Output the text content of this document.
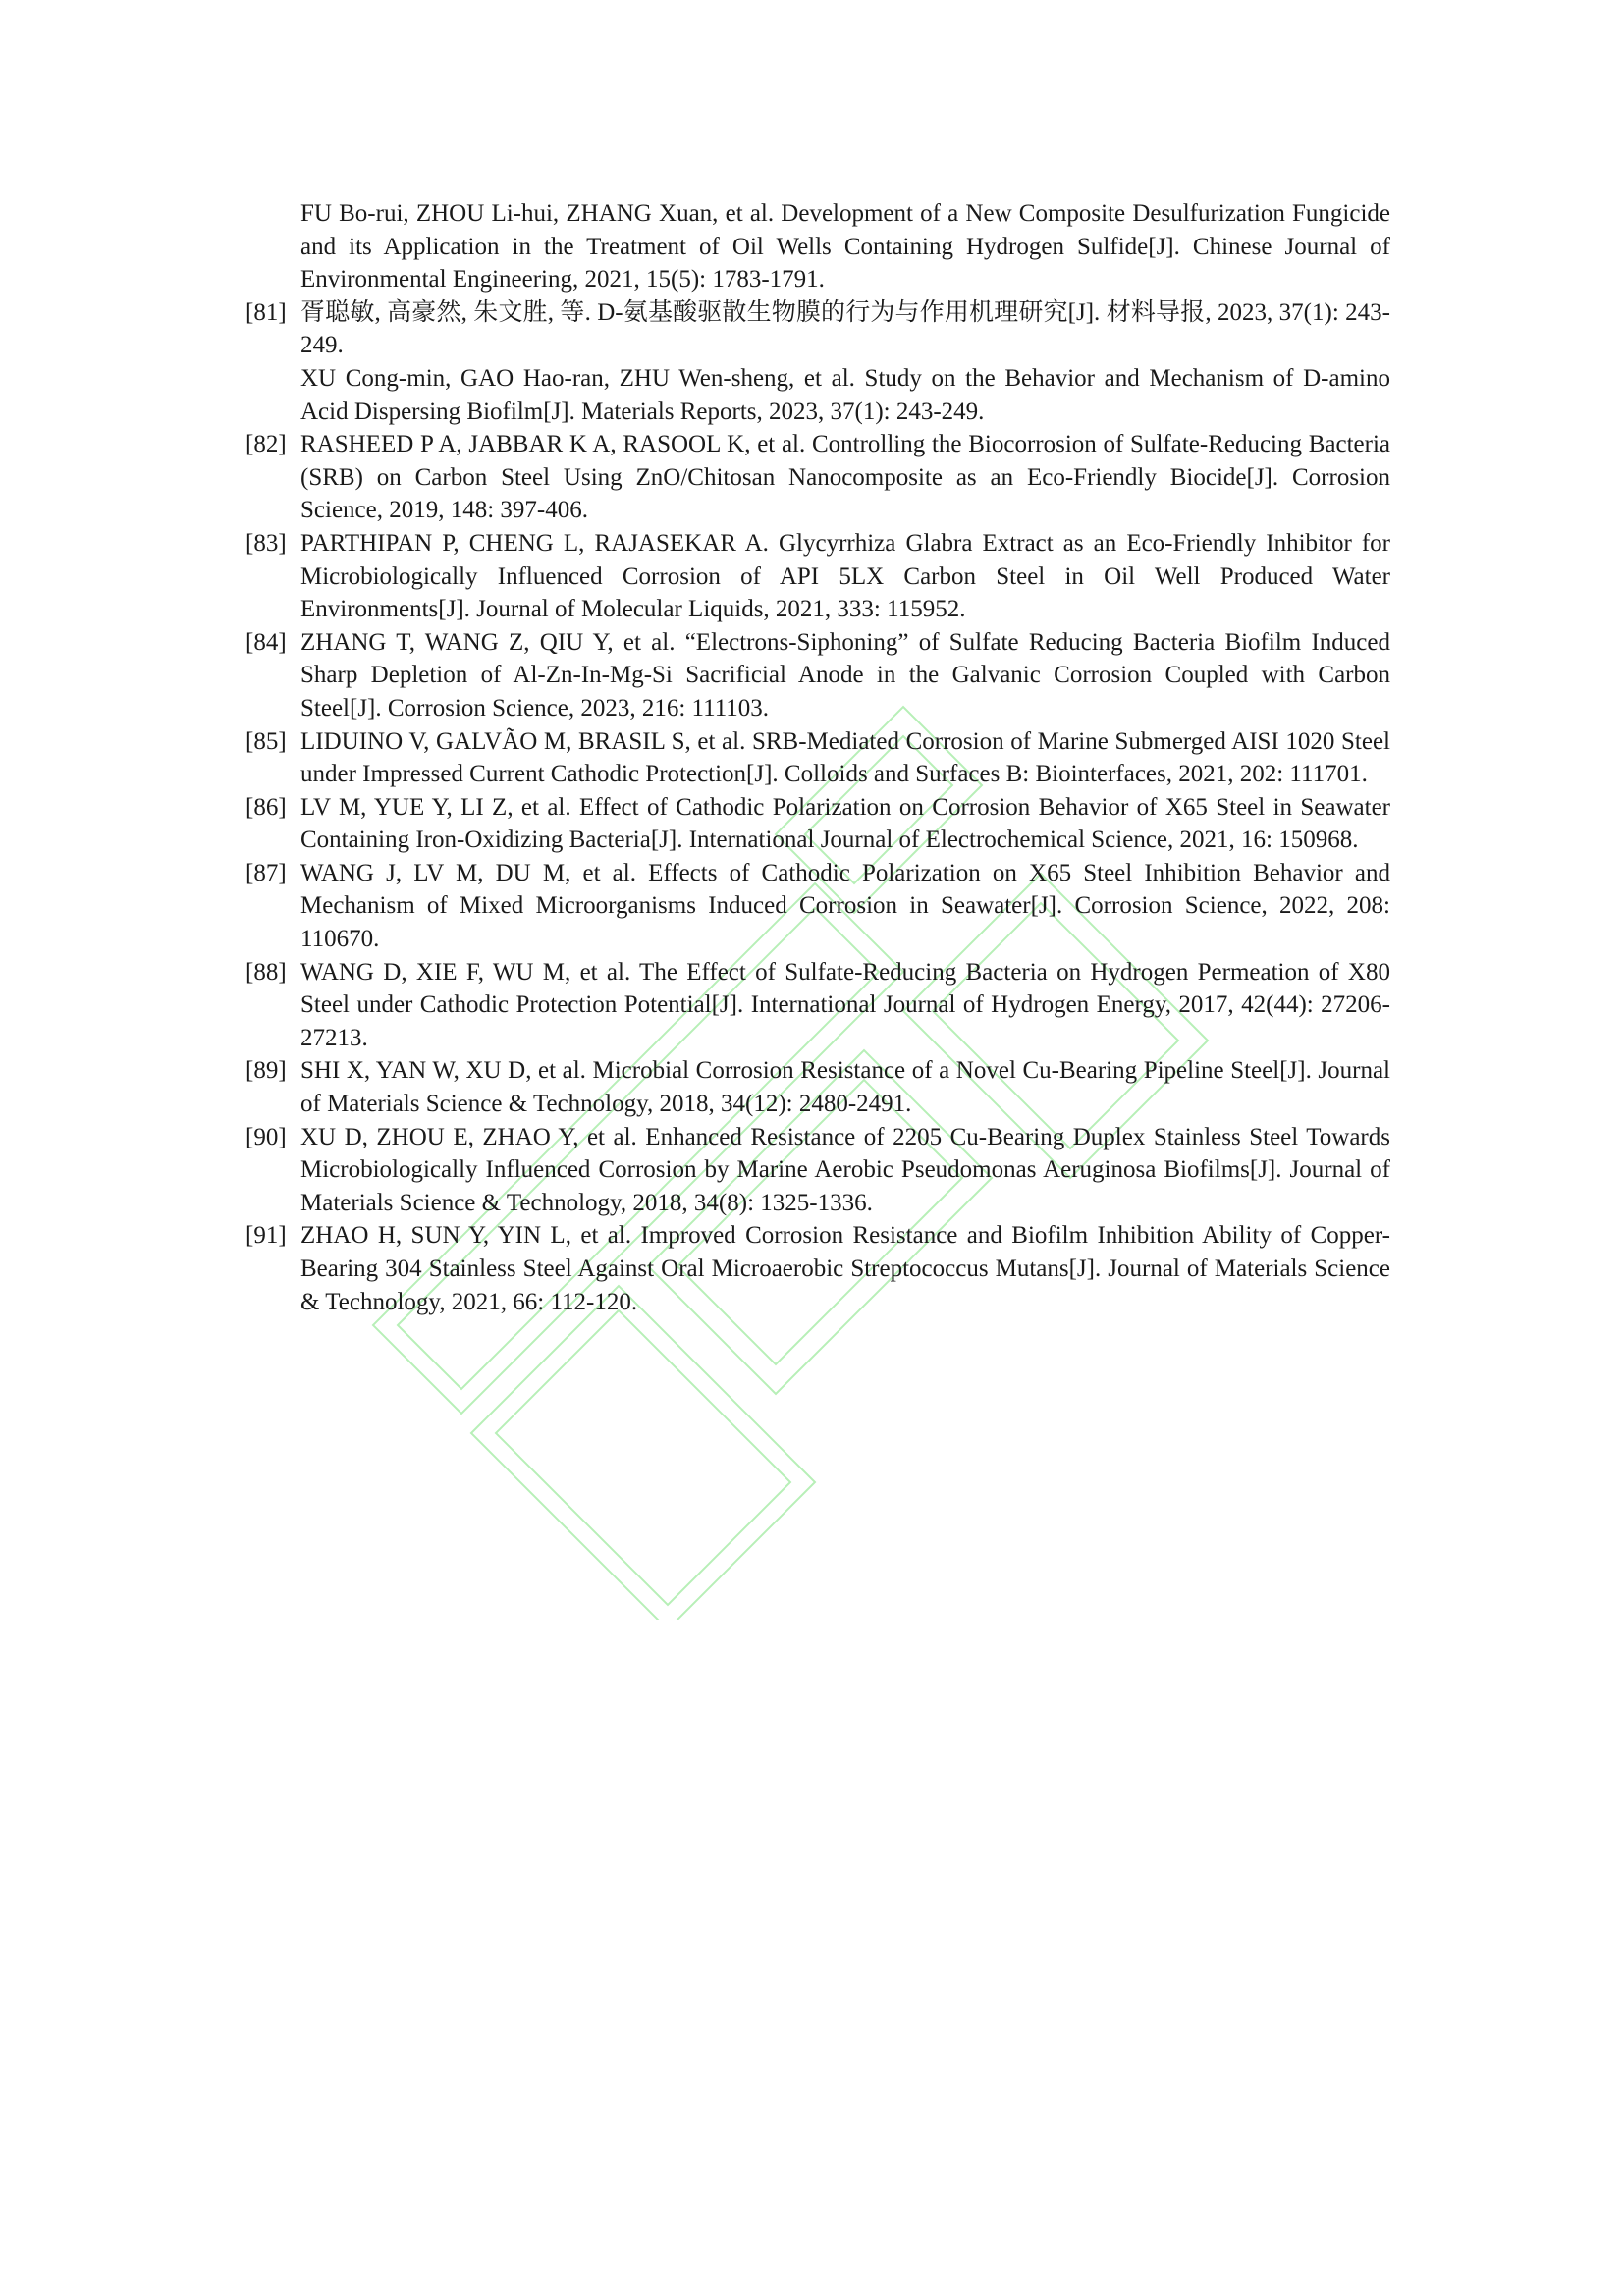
FU Bo-rui, ZHOU Li-hui, ZHANG Xuan, et al. Development of a New Composite Desulfurization Fungicide and its Application in the Treatment of Oil Wells Containing Hydrogen Sulfide[J]. Chinese Journal of Environmental Engineering, 2021, 15(5): 1783-1791.
[81] 胥聪敏, 高豪然, 朱文胜, 等. D-氨基酸驱散生物膜的行为与作用机理研究[J]. 材料导报, 2023, 37(1): 243-249.

XU Cong-min, GAO Hao-ran, ZHU Wen-sheng, et al. Study on the Behavior and Mechanism of D-amino Acid Dispersing Biofilm[J]. Materials Reports, 2023, 37(1): 243-249.

[82] RASHEED P A, JABBAR K A, RASOOL K, et al. Controlling the Biocorrosion of Sulfate-Reducing Bacteria (SRB) on Carbon Steel Using ZnO/Chitosan Nanocomposite as an Eco-Friendly Biocide[J]. Corrosion Science, 2019, 148: 397-406.
[83] PARTHIPAN P, CHENG L, RAJASEKAR A. Glycyrrhiza Glabra Extract as an Eco-Friendly Inhibitor for Microbiologically Influenced Corrosion of API 5LX Carbon Steel in Oil Well Produced Water Environments[J]. Journal of Molecular Liquids, 2021, 333: 115952.
[84] ZHANG T, WANG Z, QIU Y, et al. “Electrons-Siphoning” of Sulfate Reducing Bacteria Biofilm Induced Sharp Depletion of Al-Zn-In-Mg-Si Sacrificial Anode in the Galvanic Corrosion Coupled with Carbon Steel[J]. Corrosion Science, 2023, 216: 111103.
[85] LIDUINO V, GALVÃO M, BRASIL S, et al. SRB-Mediated Corrosion of Marine Submerged AISI 1020 Steel under Impressed Current Cathodic Protection[J]. Colloids and Surfaces B: Biointerfaces, 2021, 202: 111701.
[86] LV M, YUE Y, LI Z, et al. Effect of Cathodic Polarization on Corrosion Behavior of X65 Steel in Seawater Containing Iron-Oxidizing Bacteria[J]. International Journal of Electrochemical Science, 2021, 16: 150968.
[87] WANG J, LV M, DU M, et al. Effects of Cathodic Polarization on X65 Steel Inhibition Behavior and Mechanism of Mixed Microorganisms Induced Corrosion in Seawater[J]. Corrosion Science, 2022, 208: 110670.
[88] WANG D, XIE F, WU M, et al. The Effect of Sulfate-Reducing Bacteria on Hydrogen Permeation of X80 Steel under Cathodic Protection Potential[J]. International Journal of Hydrogen Energy, 2017, 42(44): 27206-27213.
[89] SHI X, YAN W, XU D, et al. Microbial Corrosion Resistance of a Novel Cu-Bearing Pipeline Steel[J]. Journal of Materials Science & Technology, 2018, 34(12): 2480-2491.
[90] XU D, ZHOU E, ZHAO Y, et al. Enhanced Resistance of 2205 Cu-Bearing Duplex Stainless Steel Towards Microbiologically Influenced Corrosion by Marine Aerobic Pseudomonas Aeruginosa Biofilms[J]. Journal of Materials Science & Technology, 2018, 34(8): 1325-1336.
[91] ZHAO H, SUN Y, YIN L, et al. Improved Corrosion Resistance and Biofilm Inhibition Ability of Copper-Bearing 304 Stainless Steel Against Oral Microaerobic Streptococcus Mutans[J]. Journal of Materials Science & Technology, 2021, 66: 112-120.
